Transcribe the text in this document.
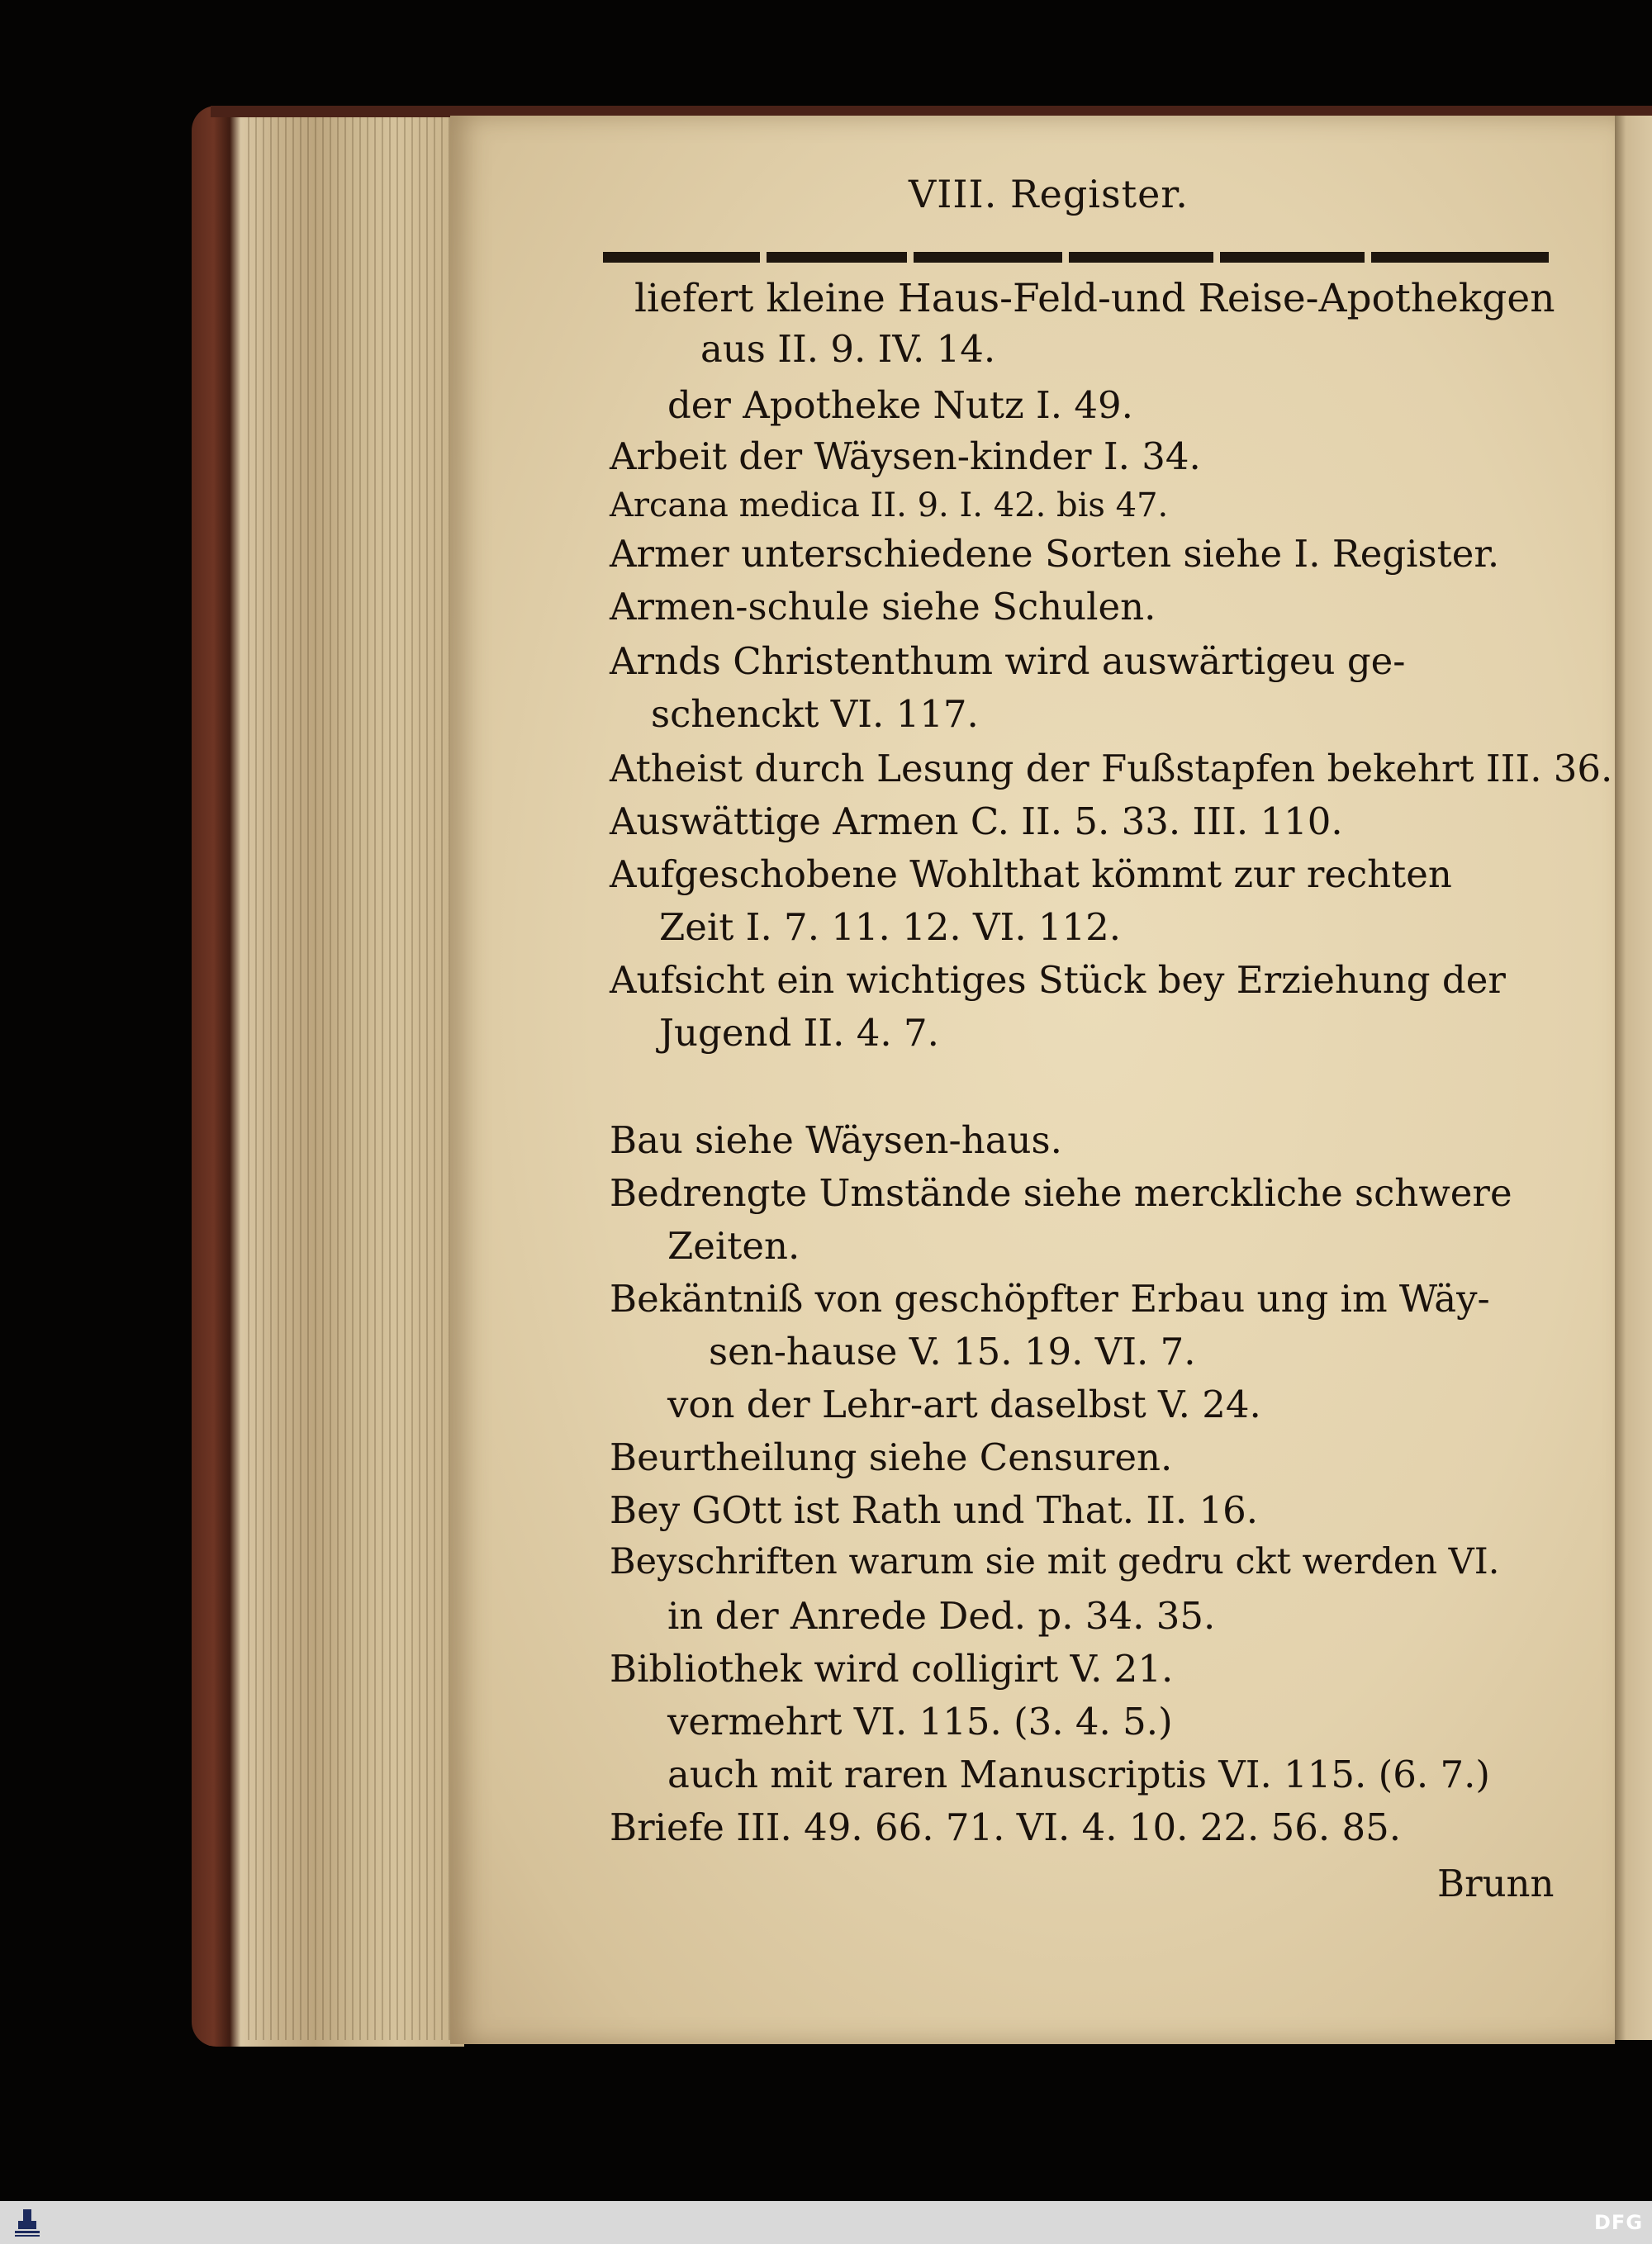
VIII. Register.
liefert kleine Haus-Feld-und Reise-Apothekgen
aus II. 9. IV. 14.
der Apotheke Nutz I. 49.
Arbeit der Wäysen-kinder I. 34.
Arcana medica II. 9. I. 42. bis 47.
Armer unterschiedene Sorten siehe I. Register.
Armen-schule siehe Schulen.
Arnds Christenthum wird auswärtigeu ge-
schenckt VI. 117.
Atheist durch Lesung der Fußstapfen bekehrt III. 36.
Auswättige Armen C. II. 5. 33. III. 110.
Aufgeschobene Wohlthat kömmt zur rechten
Zeit I. 7. 11. 12. VI. 112.
Aufsicht ein wichtiges Stück bey Erziehung der
Jugend II. 4. 7.
Bau siehe Wäysen-haus.
Bedrengte Umstände siehe merckliche schwere
Zeiten.
Bekäntniß von geschöpfter Erbau ung im Wäy-
sen-hause V. 15. 19. VI. 7.
von der Lehr-art daselbst V. 24.
Beurtheilung siehe Censuren.
Bey GOtt ist Rath und That. II. 16.
Beyschriften warum sie mit gedru ckt werden VI.
in der Anrede Ded. p. 34. 35.
Bibliothek wird colligirt V. 21.
vermehrt VI. 115. (3. 4. 5.)
auch mit raren Manuscriptis VI. 115. (6. 7.)
Briefe III. 49. 66. 71. VI. 4. 10. 22. 56. 85.
Brunn
DFG
